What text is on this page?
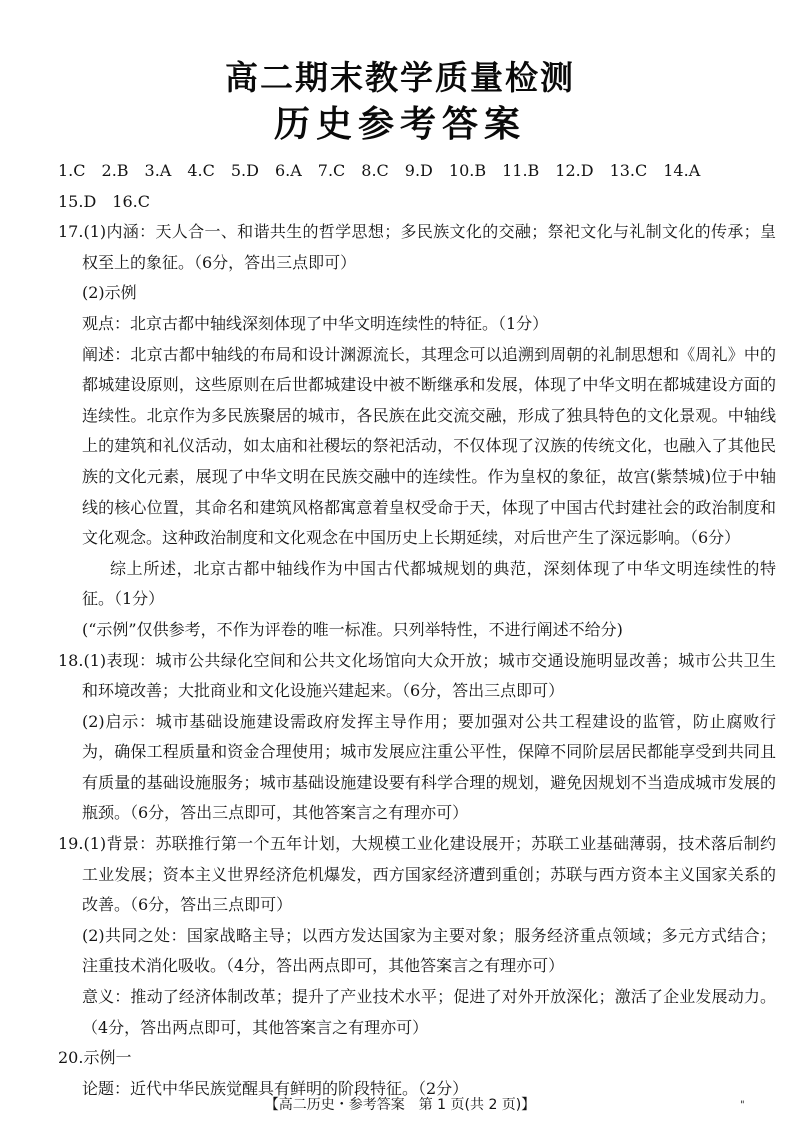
高二期末教学质量检测
历史参考答案

1.C　2.B　3.A　4.C　5.D　6.A　7.C　8.C　9.D　10.B　11.B　12.D　13.C　14.A

15.D　16.C

17.(1)内涵：天人合一、和谐共生的哲学思想；多民族文化的交融；祭祀文化与礼制文化的传承；皇权至上的象征。（6分，答出三点即可）

(2)示例

观点：北京古都中轴线深刻体现了中华文明连续性的特征。（1分）

阐述：北京古都中轴线的布局和设计渊源流长，其理念可以追溯到周朝的礼制思想和《周礼》中的都城建设原则，这些原则在后世都城建设中被不断继承和发展，体现了中华文明在都城建设方面的连续性。北京作为多民族聚居的城市，各民族在此交流交融，形成了独具特色的文化景观。中轴线上的建筑和礼仪活动，如太庙和社稷坛的祭祀活动，不仅体现了汉族的传统文化，也融入了其他民族的文化元素，展现了中华文明在民族交融中的连续性。作为皇权的象征，故宫(紫禁城)位于中轴线的核心位置，其命名和建筑风格都寓意着皇权受命于天，体现了中国古代封建社会的政治制度和文化观念。这种政治制度和文化观念在中国历史上长期延续，对后世产生了深远影响。（6分）

综上所述，北京古都中轴线作为中国古代都城规划的典范，深刻体现了中华文明连续性的特征。（1分）

(“示例”仅供参考，不作为评卷的唯一标准。只列举特性，不进行阐述不给分)

18.(1)表现：城市公共绿化空间和公共文化场馆向大众开放；城市交通设施明显改善；城市公共卫生和环境改善；大批商业和文化设施兴建起来。（6分，答出三点即可）

(2)启示：城市基础设施建设需政府发挥主导作用；要加强对公共工程建设的监管，防止腐败行为，确保工程质量和资金合理使用；城市发展应注重公平性，保障不同阶层居民都能享受到共同且有质量的基础设施服务；城市基础设施建设要有科学合理的规划，避免因规划不当造成城市发展的瓶颈。（6分，答出三点即可，其他答案言之有理亦可）

19.(1)背景：苏联推行第一个五年计划，大规模工业化建设展开；苏联工业基础薄弱，技术落后制约工业发展；资本主义世界经济危机爆发，西方国家经济遭到重创；苏联与西方资本主义国家关系的改善。（6分，答出三点即可）

(2)共同之处：国家战略主导；以西方发达国家为主要对象；服务经济重点领域；多元方式结合；注重技术消化吸收。（4分，答出两点即可，其他答案言之有理亦可）

意义：推动了经济体制改革；提升了产业技术水平；促进了对外开放深化；激活了企业发展动力。（4分，答出两点即可，其他答案言之有理亦可）

20.示例一

论题：近代中华民族觉醒具有鲜明的阶段特征。（2分）

【高二历史・参考答案　第 1 页(共 2 页)】	"
